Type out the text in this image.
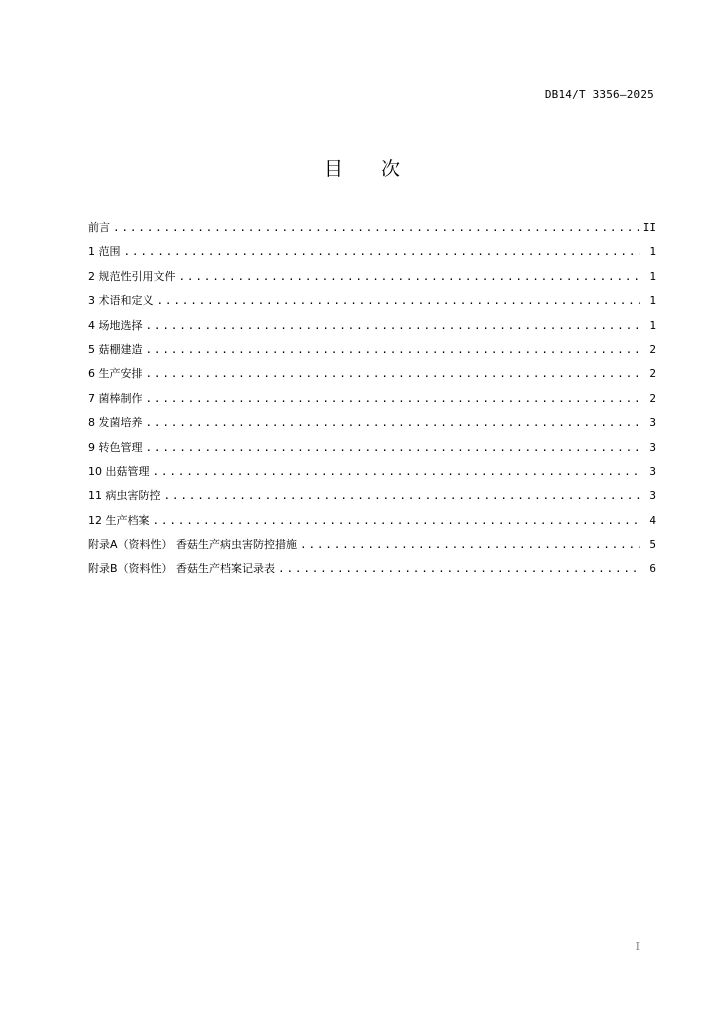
DB14/T 3356—2025
目 次
前言 .....	II
1 范围 .....	1
2 规范性引用文件 .....	1
3 术语和定义 .....	1
4 场地选择 .....	1
5 菇棚建造 .....	2
6 生产安排 .....	2
7 菌棒制作 .....	2
8 发菌培养 .....	3
9 转色管理 .....	3
10 出菇管理 .....	3
11 病虫害防控 .....	3
12 生产档案 .....	4
附录A（资料性） 香菇生产病虫害防控措施 .....	5
附录B（资料性） 香菇生产档案记录表 .....	6
I
